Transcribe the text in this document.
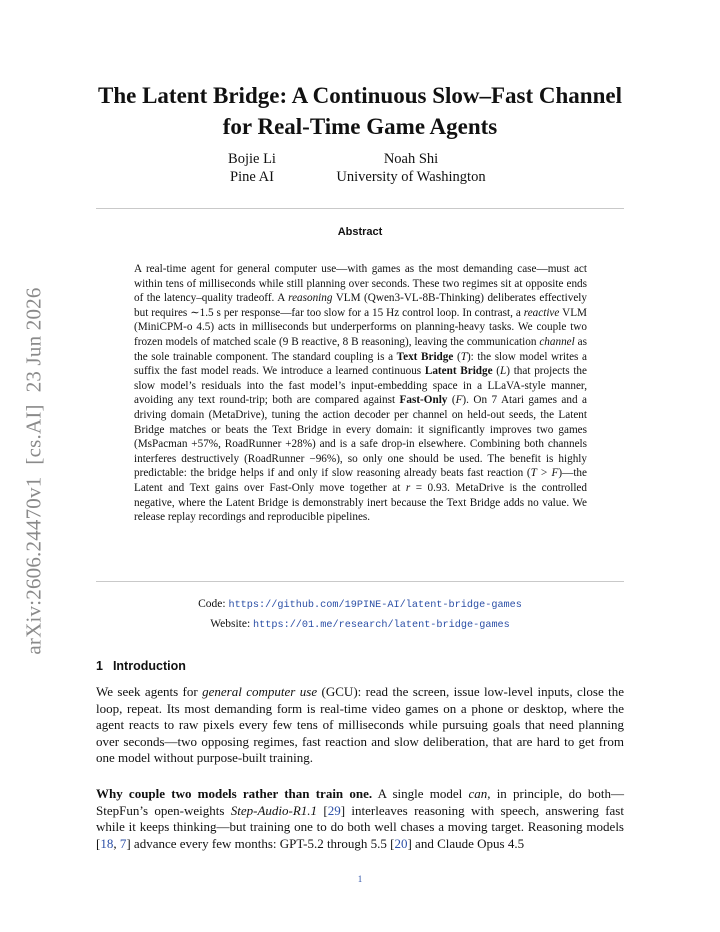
arXiv:2606.24470v1[cs.AI]23 Jun 2026
The Latent Bridge: A Continuous Slow–Fast Channel for Real-Time Game Agents
Bojie Li
Pine AI
Noah Shi
University of Washington
Abstract

A real-time agent for general computer use—with games as the most demanding case—must act within tens of milliseconds while still planning over seconds. These two regimes sit at opposite ends of the latency–quality tradeoff. A reasoning VLM (Qwen3-VL-8B-Thinking) deliberates effectively but requires ∼1.5 s per response—far too slow for a 15 Hz control loop. In contrast, a reactive VLM (MiniCPM-o 4.5) acts in milliseconds but underperforms on planning-heavy tasks. We couple two frozen models of matched scale (9 B reactive, 8 B reasoning), leaving the communication channel as the sole trainable component. The standard coupling is a Text Bridge (T): the slow model writes a suffix the fast model reads. We introduce a learned continuous Latent Bridge (L) that projects the slow model’s residuals into the fast model’s input-embedding space in a LLaVA-style manner, avoiding any text round-trip; both are compared against Fast-Only (F). On 7 Atari games and a driving domain (MetaDrive), tuning the action decoder per channel on held-out seeds, the Latent Bridge matches or beats the Text Bridge in every domain: it significantly improves two games (MsPacman +57%, RoadRunner +28%) and is a safe drop-in elsewhere. Combining both channels interferes destructively (RoadRunner −96%), so only one should be used. The benefit is highly predictable: the bridge helps if and only if slow reasoning already beats fast reaction (T > F)—the Latent and Text gains over Fast-Only move together at r = 0.93. MetaDrive is the controlled negative, where the Latent Bridge is demonstrably inert because the Text Bridge adds no value. We release replay recordings and reproducible pipelines.

Code: https://github.com/19PINE-AI/latent-bridge-games
Website: https://01.me/research/latent-bridge-games
1 Introduction

We seek agents for general computer use (GCU): read the screen, issue low-level inputs, close the loop, repeat. Its most demanding form is real-time video games on a phone or desktop, where the agent reacts to raw pixels every few tens of milliseconds while pursuing goals that need planning over seconds—two opposing regimes, fast reaction and slow deliberation, that are hard to get from one model without purpose-built training.

Why couple two models rather than train one. A single model can, in principle, do both—StepFun’s open-weights Step-Audio-R1.1 [29] interleaves reasoning with speech, answering fast while it keeps thinking—but training one to do both well chases a moving target. Reasoning models [18, 7] advance every few months: GPT-5.2 through 5.5 [20] and Claude Opus 4.5

1
